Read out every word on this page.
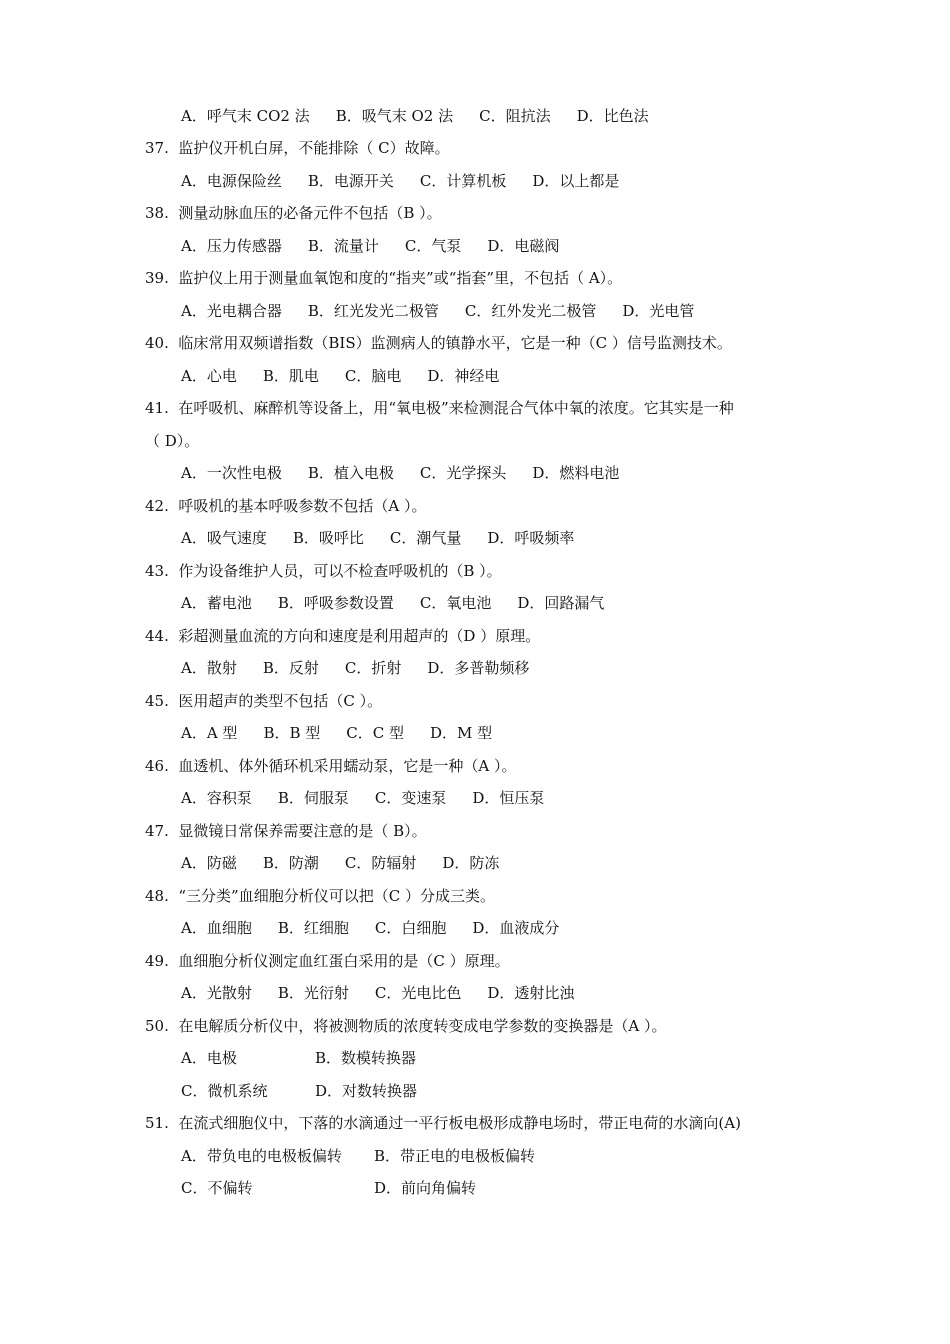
A．呼气末 CO2 法 B．吸气末 O2 法 C．阻抗法 D．比色法
37.  监护仪开机白屏，不能排除（ C）故障。
A．电源保险丝 B．电源开关 C．计算机板 D．以上都是
38.  测量动脉血压的必备元件不包括（B ）。
A．压力传感器 B．流量计 C．气泵 D．电磁阀
39.  监护仪上用于测量血氧饱和度的“指夹”或“指套”里，不包括（ A）。
A．光电耦合器 B．红光发光二极管 C．红外发光二极管 D．光电管
40.  临床常用双频谱指数（BIS）监测病人的镇静水平，它是一种（C ）信号监测技术。
A．心电 B．肌电 C．脑电 D．神经电
41.  在呼吸机、麻醉机等设备上，用“氧电极”来检测混合气体中氧的浓度。它其实是一种
（ D）。
A．一次性电极 B．植入电极 C．光学探头 D．燃料电池
42.  呼吸机的基本呼吸参数不包括（A ）。
A．吸气速度 B．吸呼比 C．潮气量 D．呼吸频率
43.  作为设备维护人员，可以不检查呼吸机的（B ）。
A．蓄电池 B．呼吸参数设置 C．氧电池 D．回路漏气
44.  彩超测量血流的方向和速度是利用超声的（D ）原理。
A．散射 B．反射 C．折射 D．多普勒频移
45.  医用超声的类型不包括（C ）。
A．A 型 B．B 型 C．C 型 D．M 型
46.  血透机、体外循环机采用蠕动泵，它是一种（A ）。
A．容积泵 B．伺服泵 C．变速泵 D．恒压泵
47.  显微镜日常保养需要注意的是（ B）。
A．防磁 B．防潮 C．防辐射 D．防冻
48.  “三分类”血细胞分析仪可以把（C ）分成三类。
A．血细胞 B．红细胞 C．白细胞 D．血液成分
49.  血细胞分析仪测定血红蛋白采用的是（C ）原理。
A．光散射 B．光衍射 C．光电比色 D．透射比浊
50.  在电解质分析仪中，将被测物质的浓度转变成电学参数的变换器是（A ）。
A．电极	B．数模转换器
C．微机系统	D．对数转换器
51.  在流式细胞仪中，下落的水滴通过一平行板电极形成静电场时，带正电荷的水滴向(A)
A．带负电的电极板偏转 B．带正电的电极板偏转
C．不偏转	D．前向角偏转
